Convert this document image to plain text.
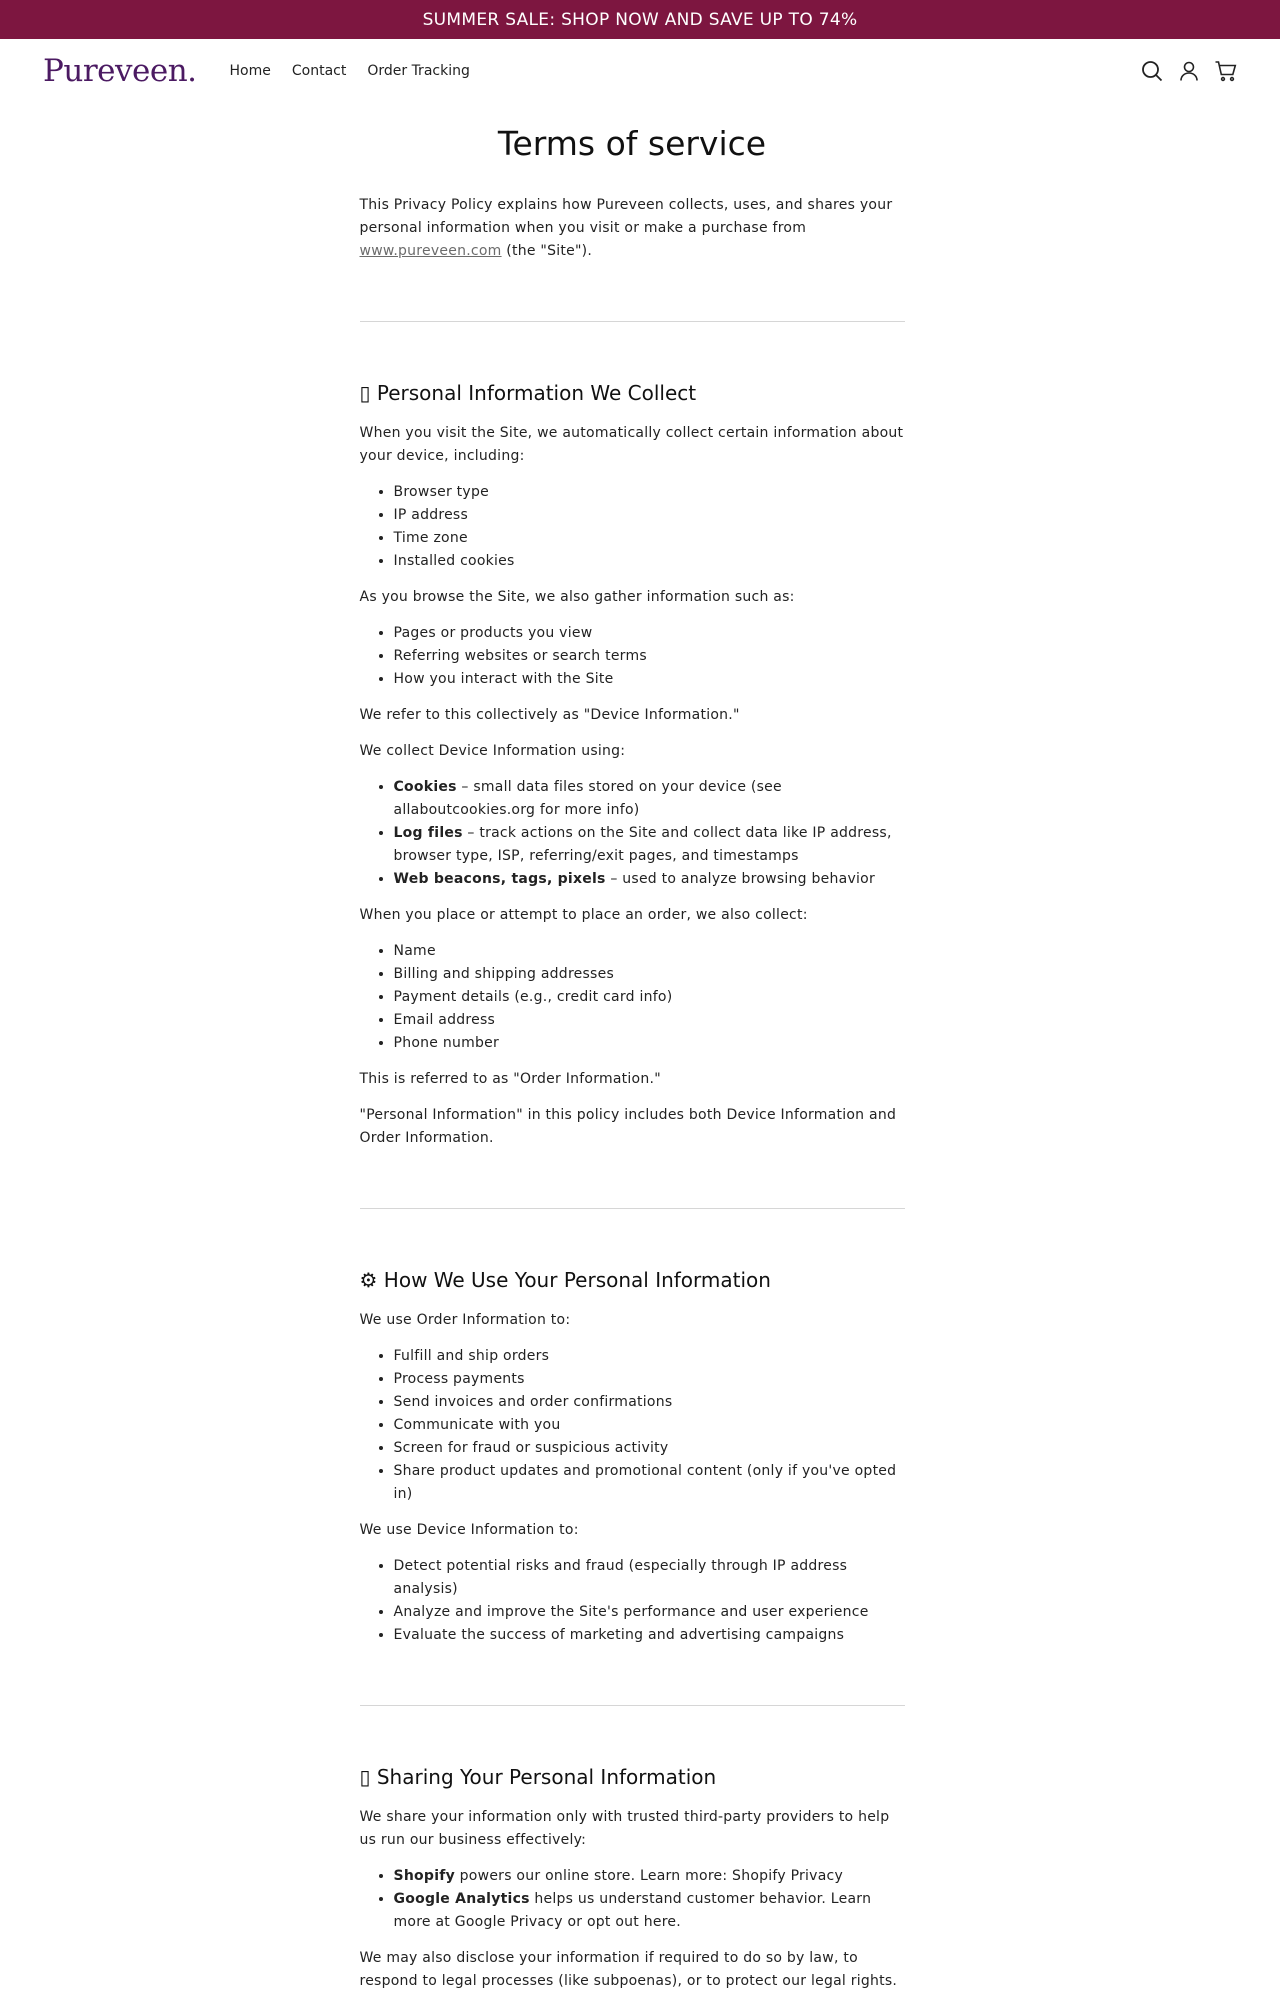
SUMMER SALE: SHOP NOW AND SAVE UP TO 74%
Pureveen. Home Contact Order Tracking
Terms of service

This Privacy Policy explains how Pureveen collects, uses, and shares your personal information when you visit or make a purchase from www.pureveen.com (the "Site").

▯ Personal Information We Collect

When you visit the Site, we automatically collect certain information about your device, including:

• Browser type
• IP address
• Time zone
• Installed cookies

As you browse the Site, we also gather information such as:

• Pages or products you view
• Referring websites or search terms
• How you interact with the Site

We refer to this collectively as "Device Information."

We collect Device Information using:

• Cookies – small data files stored on your device (see allaboutcookies.org for more info)
• Log files – track actions on the Site and collect data like IP address, browser type, ISP, referring/exit pages, and timestamps
• Web beacons, tags, pixels – used to analyze browsing behavior

When you place or attempt to place an order, we also collect:

• Name
• Billing and shipping addresses
• Payment details (e.g., credit card info)
• Email address
• Phone number

This is referred to as "Order Information."

"Personal Information" in this policy includes both Device Information and Order Information.

⚙ How We Use Your Personal Information

We use Order Information to:

• Fulfill and ship orders
• Process payments
• Send invoices and order confirmations
• Communicate with you
• Screen for fraud or suspicious activity
• Share product updates and promotional content (only if you've opted in)

We use Device Information to:

• Detect potential risks and fraud (especially through IP address analysis)
• Analyze and improve the Site's performance and user experience
• Evaluate the success of marketing and advertising campaigns
▯ Sharing Your Personal Information

We share your information only with trusted third-party providers to help us run our business effectively:

• Shopify powers our online store. Learn more: Shopify Privacy
• Google Analytics helps us understand customer behavior. Learn more at Google Privacy or opt out here.

We may also disclose your information if required to do so by law, to respond to legal processes (like subpoenas), or to protect our legal rights.
